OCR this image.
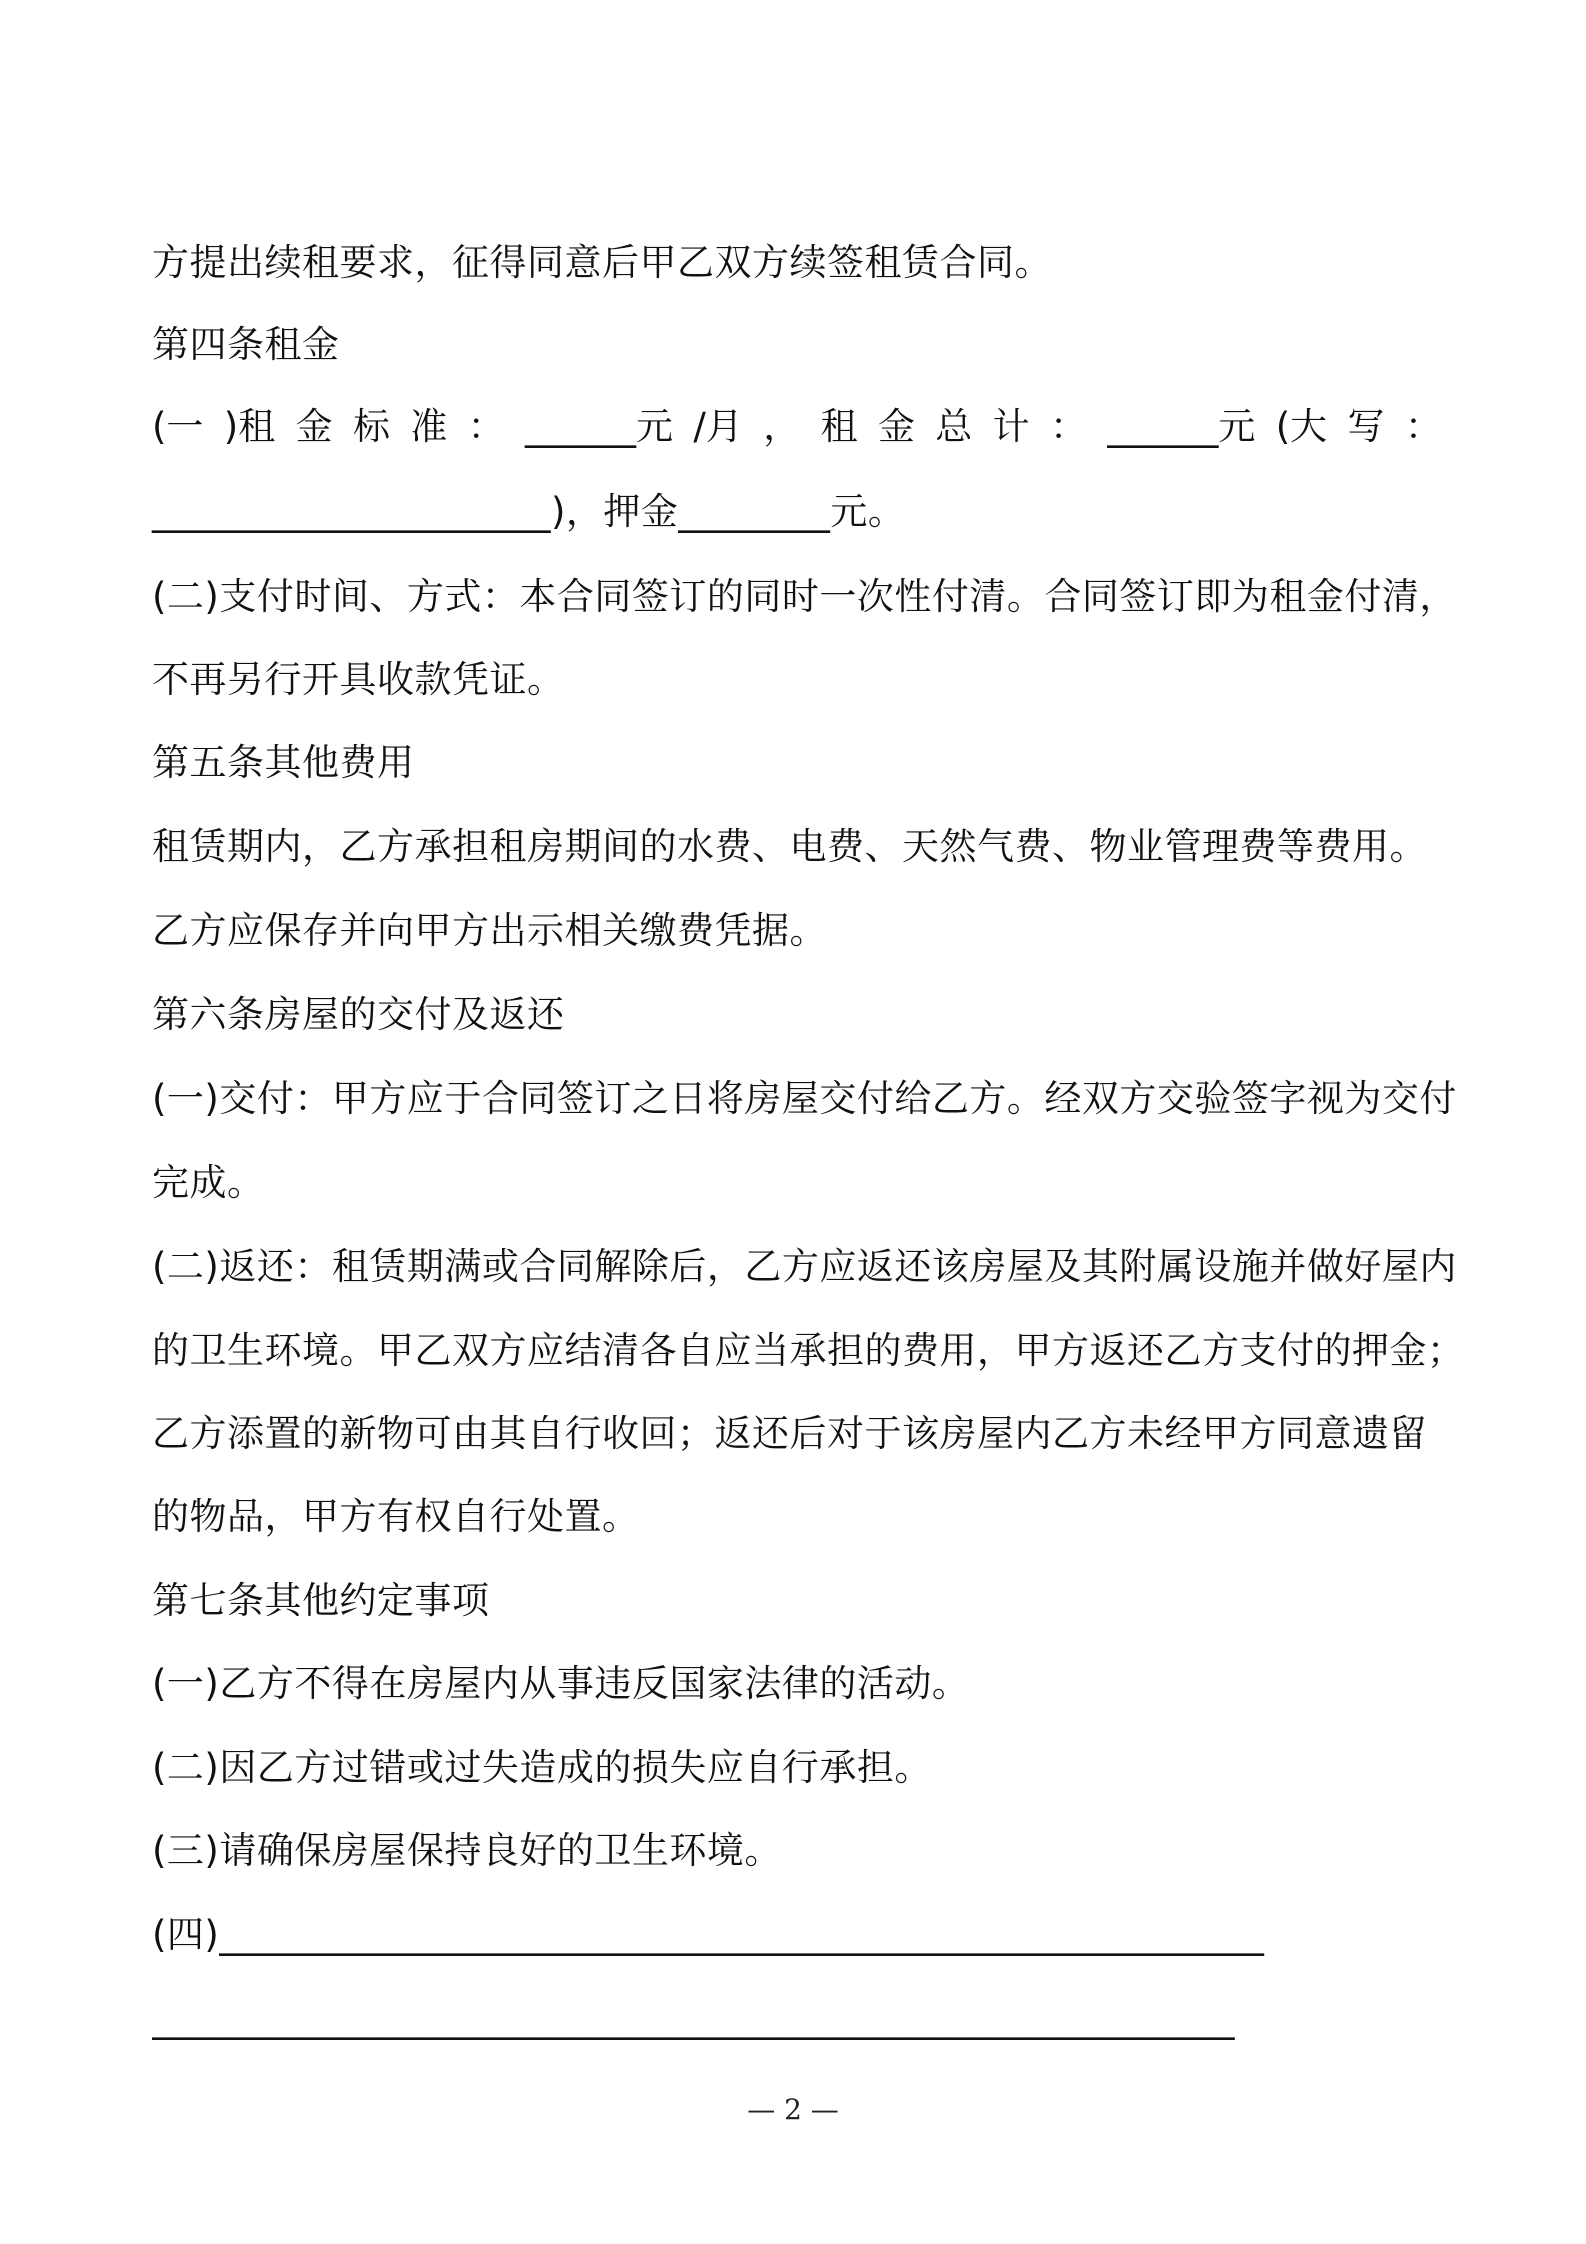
方提出续租要求，征得同意后甲乙双方续签租赁合同。
第四条租金
(一 )租 金 标 准 ： ______元 /月 ， 租 金 总 计 ： ______元 (大 写 ：
_____________________)，押金________元。
(二)支付时间、方式：本合同签订的同时一次性付清。合同签订即为租金付清，
不再另行开具收款凭证。
第五条其他费用
租赁期内，乙方承担租房期间的水费、电费、天然气费、物业管理费等费用。
乙方应保存并向甲方出示相关缴费凭据。
第六条房屋的交付及返还
(一)交付：甲方应于合同签订之日将房屋交付给乙方。经双方交验签字视为交付
完成。
(二)返还：租赁期满或合同解除后，乙方应返还该房屋及其附属设施并做好屋内
的卫生环境。甲乙双方应结清各自应当承担的费用，甲方返还乙方支付的押金；
乙方添置的新物可由其自行收回；返还后对于该房屋内乙方未经甲方同意遗留
的物品，甲方有权自行处置。
第七条其他约定事项
(一)乙方不得在房屋内从事违反国家法律的活动。
(二)因乙方过错或过失造成的损失应自行承担。
(三)请确保房屋保持良好的卫生环境。
(四)_______________________________________________________
_________________________________________________________
— 2 —
